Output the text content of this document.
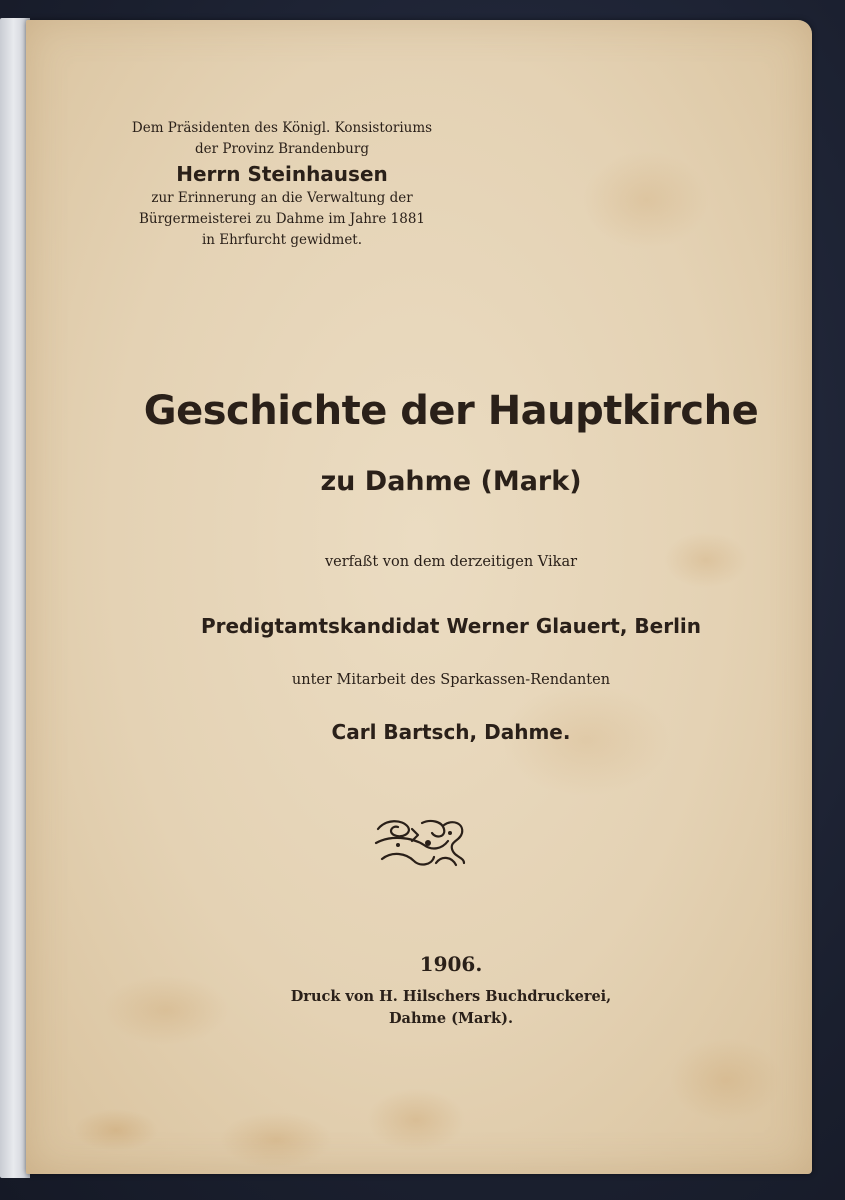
Dem Präsidenten des Königl. Konsistoriums
der Provinz Brandenburg
Herrn Steinhausen
zur Erinnerung an die Verwaltung der
Bürgermeisterei zu Dahme im Jahre 1881
in Ehrfurcht gewidmet.
Geschichte der Hauptkirche
zu Dahme (Mark)
verfaßt von dem derzeitigen Vikar
Predigtamtskandidat Werner Glauert, Berlin
unter Mitarbeit des Sparkassen-Rendanten
Carl Bartsch, Dahme.
1906.
Druck von H. Hilschers Buchdruckerei,
Dahme (Mark).
